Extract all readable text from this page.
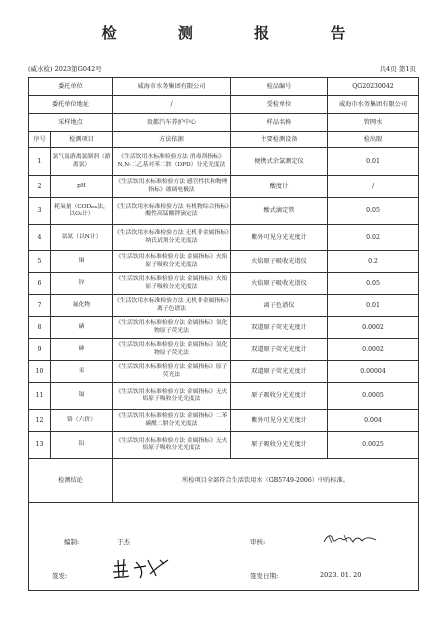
检 测 报 告
(威水检) 2023第G042号	共4页 第1页
委托单位		威海市水务集团有限公司	检品编号	QG20230042
委托单位地址		/	受检单位	威海市水务集团有限公司
采样地点		贵都汽车养护中心	样品名称	管网水
序号	检测项目	方法依据	主要检测设备	检出限
1	氯气及游离氯制剂（游离氯）	《生活饮用水标准检验方法 消毒剂指标》N,N-二乙基对苯二胺（DPD）分光光度法	便携式余氯测定仪	0.01
2	pH	《生活饮用水标准检验方法 感官性状和物理指标》玻璃电极法	酸度计	/
3	耗氧量（CODₘₙ法，以O₂计）	《生活饮用水标准检验方法 有机物综合指标》酸性高锰酸钾滴定法	酸式滴定管	0.05
4	氨氮（以N计）	《生活饮用水标准检验方法 无机非金属指标》纳氏试剂分光光度法	紫外可见分光光度计	0.02
5	铜	《生活饮用水标准检验方法 金属指标》火焰原子吸收分光光度法	火焰原子吸收光谱仪	0.2
6	锌	《生活饮用水标准检验方法 金属指标》火焰原子吸收分光光度法	火焰原子吸收光谱仪	0.05
7	氟化物	《生活饮用水标准检验方法 无机非金属指标》离子色谱法	离子色谱仪	0.01
8	硒	《生活饮用水标准检验方法 金属指标》氢化物原子荧光法	双道原子荧光光度计	0.0002
9	砷	《生活饮用水标准检验方法 金属指标》氢化物原子荧光法	双道原子荧光光度计	0.0002
10	汞	《生活饮用水标准检验方法 金属指标》原子荧光法	双道原子荧光光度计	0.00004
11	镉	《生活饮用水标准检验方法 金属指标》无火焰原子吸收分光光度法	原子吸收分光光度计	0.0005
12	铬（六价）	《生活饮用水标准检验方法 金属指标》二苯碳酰二肼分光光度法	紫外可见分光光度计	0.004
13	铅	《生活饮用水标准检验方法 金属指标》无火焰原子吸收分光光度法	原子吸收分光光度计	0.0025
检测结论		所检项目全部符合生活饮用水（GB5749-2006）中的标准。		

编制:	于杰	审核:
签发:	签发日期:	2023. 01. 20
